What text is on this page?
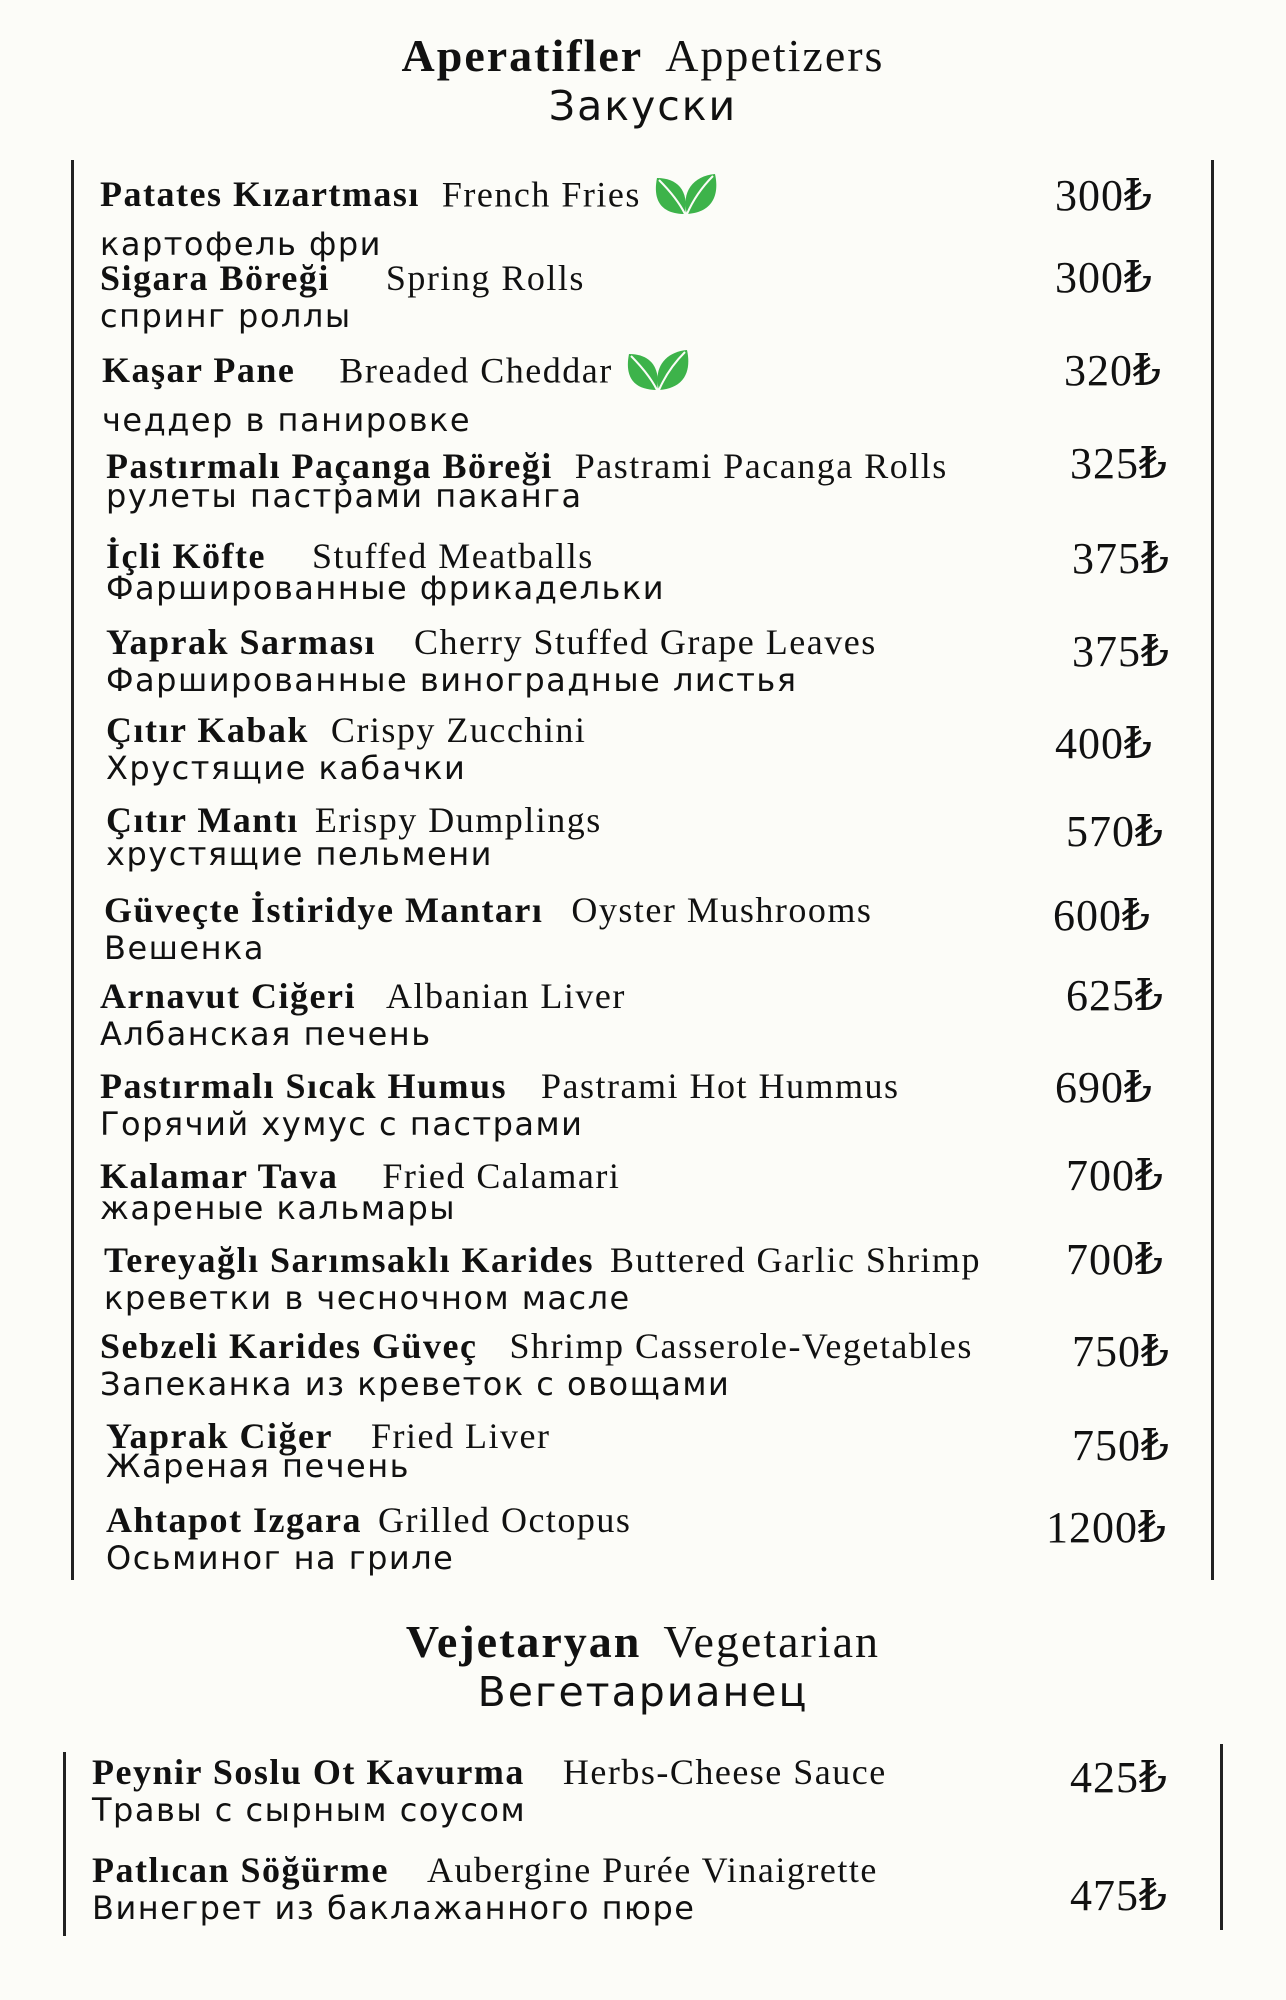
Aperatifler Appetizers
Закуски
Patates Kızartması French Fries
картофель фри
300₺
Sigara Böreği Spring Rolls
спринг роллы
300₺
Kaşar Pane Breaded Cheddar
чеддер в панировке
320₺
Pastırmalı Paçanga Böreği Pastrami Pacanga Rolls
рулеты пастрами паканга
325₺
İçli Köfte Stuffed Meatballs
Фаршированные фрикадельки
375₺
Yaprak Sarması Cherry Stuffed Grape Leaves
Фаршированные виноградные листья
375₺
Çıtır Kabak Crispy Zucchini
Хрустящие кабачки	400₺
Çıtır Mantı Erispy Dumplings
хрустящие пельмени	570₺
Güveçte İstiridye Mantarı Oyster Mushrooms
Вешенка
600₺
Arnavut Ciğeri Albanian Liver
Албанская печень
625₺
Pastırmalı Sıcak Humus Pastrami Hot Hummus
Горячий хумус с пастрами
690₺
Kalamar Tava Fried Calamari
жареные кальмары
700₺
Tereyağlı Sarımsaklı Karides Buttered Garlic Shrimp
креветки в чесночном масле
700₺
Sebzeli Karides Güveç Shrimp Casserole-Vegetables
Запеканка из креветок с овощами
750₺
Yaprak Ciğer Fried Liver
Жареная печень	750₺
Ahtapot Izgara Grilled Octopus
Осьминог на гриле
1200₺
Vejetaryan Vegetarian
Вегетарианец
Peynir Soslu Ot Kavurma Herbs-Cheese Sauce
Травы с сырным соусом
425₺
Patlıcan Söğürme Aubergine Purée Vinaigrette
Винегрет из баклажанного пюре	475₺
